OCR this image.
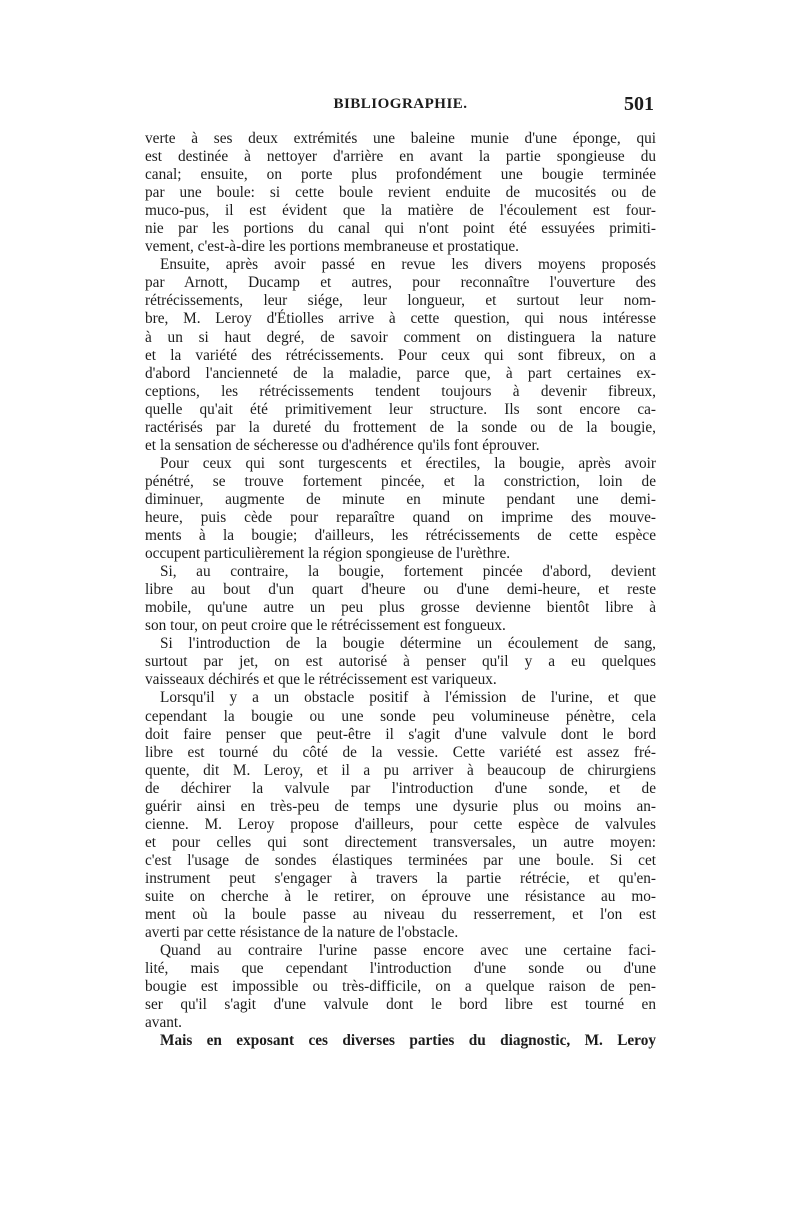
BIBLIOGRAPHIE.	501
verte à ses deux extrémités une baleine munie d'une éponge, qui
est destinée à nettoyer d'arrière en avant la partie spongieuse du
canal; ensuite, on porte plus profondément une bougie terminée
par une boule: si cette boule revient enduite de mucosités ou de
muco-pus, il est évident que la matière de l'écoulement est four-
nie par les portions du canal qui n'ont point été essuyées primiti-
vement, c'est-à-dire les portions membraneuse et prostatique.
Ensuite, après avoir passé en revue les divers moyens proposés
par Arnott, Ducamp et autres, pour reconnaître l'ouverture des
rétrécissements, leur siége, leur longueur, et surtout leur nom-
bre, M. Leroy d'Étiolles arrive à cette question, qui nous intéresse
à un si haut degré, de savoir comment on distinguera la nature
et la variété des rétrécissements. Pour ceux qui sont fibreux, on a
d'abord l'ancienneté de la maladie, parce que, à part certaines ex-
ceptions, les rétrécissements tendent toujours à devenir fibreux,
quelle qu'ait été primitivement leur structure. Ils sont encore ca-
ractérisés par la dureté du frottement de la sonde ou de la bougie,
et la sensation de sécheresse ou d'adhérence qu'ils font éprouver.
Pour ceux qui sont turgescents et érectiles, la bougie, après avoir
pénétré, se trouve fortement pincée, et la constriction, loin de
diminuer, augmente de minute en minute pendant une demi-
heure, puis cède pour reparaître quand on imprime des mouve-
ments à la bougie; d'ailleurs, les rétrécissements de cette espèce
occupent particulièrement la région spongieuse de l'urèthre.
Si, au contraire, la bougie, fortement pincée d'abord, devient
libre au bout d'un quart d'heure ou d'une demi-heure, et reste
mobile, qu'une autre un peu plus grosse devienne bientôt libre à
son tour, on peut croire que le rétrécissement est fongueux.
Si l'introduction de la bougie détermine un écoulement de sang,
surtout par jet, on est autorisé à penser qu'il y a eu quelques
vaisseaux déchirés et que le rétrécissement est variqueux.
Lorsqu'il y a un obstacle positif à l'émission de l'urine, et que
cependant la bougie ou une sonde peu volumineuse pénètre, cela
doit faire penser que peut-être il s'agit d'une valvule dont le bord
libre est tourné du côté de la vessie. Cette variété est assez fré-
quente, dit M. Leroy, et il a pu arriver à beaucoup de chirurgiens
de déchirer la valvule par l'introduction d'une sonde, et de
guérir ainsi en très-peu de temps une dysurie plus ou moins an-
cienne. M. Leroy propose d'ailleurs, pour cette espèce de valvules
et pour celles qui sont directement transversales, un autre moyen:
c'est l'usage de sondes élastiques terminées par une boule. Si cet
instrument peut s'engager à travers la partie rétrécie, et qu'en-
suite on cherche à le retirer, on éprouve une résistance au mo-
ment où la boule passe au niveau du resserrement, et l'on est
averti par cette résistance de la nature de l'obstacle.
Quand au contraire l'urine passe encore avec une certaine faci-
lité, mais que cependant l'introduction d'une sonde ou d'une
bougie est impossible ou très-difficile, on a quelque raison de pen-
ser qu'il s'agit d'une valvule dont le bord libre est tourné en
avant.
Mais en exposant ces diverses parties du diagnostic, M. Leroy
